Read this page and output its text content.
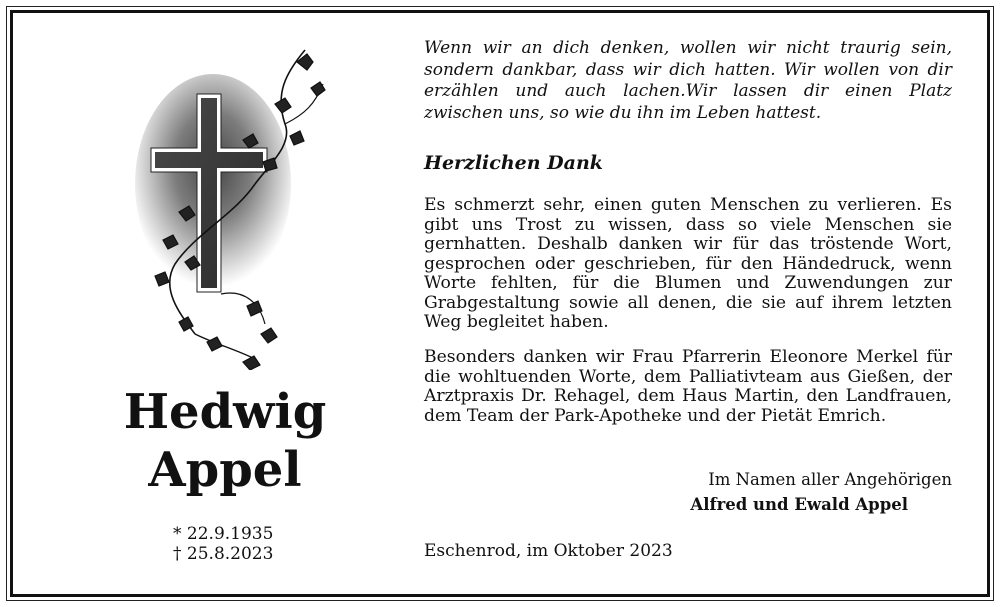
Hedwig
Appel
* 22.9.1935
† 25.8.2023

Wenn wir an dich denken, wollen wir nicht traurig sein, sondern dankbar, dass wir dich hatten. Wir wollen von dir erzählen und auch lachen.Wir lassen dir einen Platz zwischen uns, so wie du ihn im Leben hattest.

Herzlichen Dank

Es schmerzt sehr, einen guten Menschen zu verlieren. Es gibt uns Trost zu wissen, dass so viele Menschen sie gernhatten. Deshalb danken wir für das tröstende Wort, gesprochen oder geschrieben, für den Händedruck, wenn Worte fehlten, für die Blumen und Zuwendungen zur Grabgestaltung sowie all denen, die sie auf ihrem letzten Weg begleitet haben.

Besonders danken wir Frau Pfarrerin Eleonore Merkel für die wohltuenden Worte, dem Palliativteam aus Gießen, der Arztpraxis Dr. Rehagel, dem Haus Martin, den Landfrauen, dem Team der Park-Apotheke und der Pietät Emrich.

Im Namen aller Angehörigen
Alfred und Ewald Appel
Eschenrod, im Oktober 2023
